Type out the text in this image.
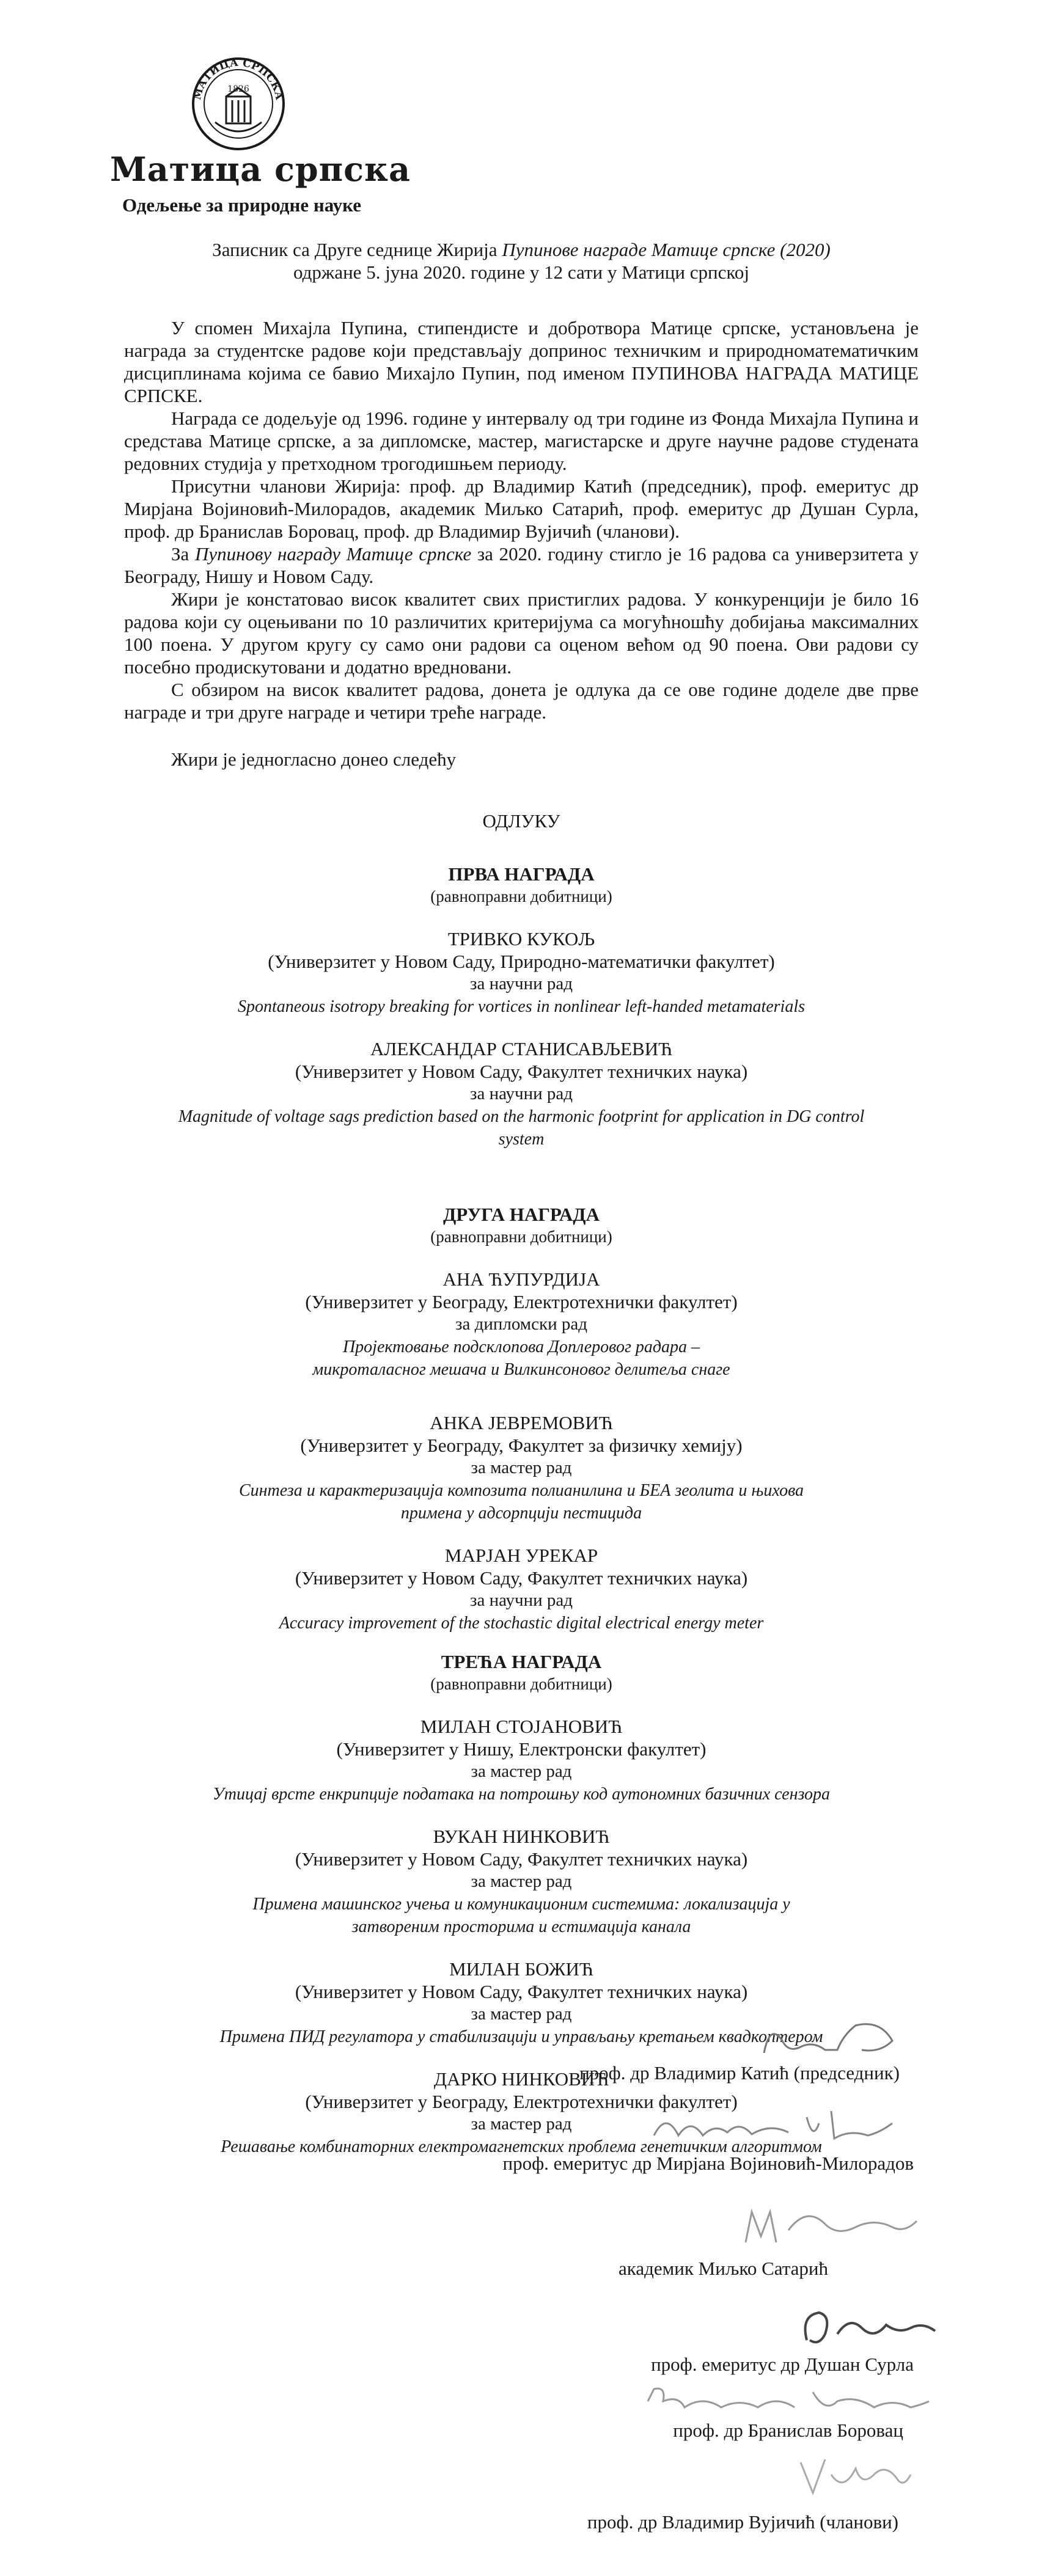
МАТИЦА СРПСКА
1826
Матица српска
Одељење за природне науке

Записник са Друге седнице Жирија Пупинове награде Матице српске (2020)

одржане 5. јуна 2020. године у 12 сати у Матици српској

У спомен Михајла Пупина, стипендисте и добротвора Матице српске, установљена је награда за студентске радове који представљају допринос техничким и природноматематичким дисциплинама којима се бавио Михајло Пупин, под именом ПУПИНОВА НАГРАДА МАТИЦЕ СРПСКЕ.

Награда се додељује од 1996. године у интервалу од три године из Фонда Михајла Пупина и средстава Матице српске, а за дипломске, мастер, магистарске и друге научне радове студената редовних студија у претходном трогодишњем периоду.

Присутни чланови Жирија: проф. др Владимир Катић (председник), проф. емеритус др Мирјана Војиновић-Милорадов, академик Миљко Сатарић, проф. емеритус др Душан Сурла, проф. др Бранислав Боровац, проф. др Владимир Вујичић (чланови).

За Пупинову награду Матице српске за 2020. годину стигло је 16 радова са универзитета у Београду, Нишу и Новом Саду.

Жири је констатовао висок квалитет свих пристиглих радова. У конкуренцији је било 16 радова који су оцењивани по 10 различитих критеријума са могућношћу добијања максималних 100 поена. У другом кругу су само они радови са оценом већом од 90 поена. Ови радови су посебно продискутовани и додатно вредновани.

С обзиром на висок квалитет радова, донета је одлука да се ове године доделе две прве награде и три друге награде и четири треће награде.

Жири је једногласно донео следећу

ОДЛУКУ
ПРВА НАГРАДА
(равноправни добитници)
ТРИВКО КУКОЉ
(Универзитет у Новом Саду, Природно-математички факултет)
за научни рад
Spontaneous isotropy breaking for vortices in nonlinear left-handed metamaterials
АЛЕКСАНДАР СТАНИСАВЉЕВИЋ
(Универзитет у Новом Саду, Факултет техничких наука)
за научни рад
Magnitude of voltage sags prediction based on the harmonic footprint for application in DG control system
ДРУГА НАГРАДА
(равноправни добитници)
АНА ЋУПУРДИЈА
(Универзитет у Београду, Електротехнички факултет)
за дипломски рад
Пројектовање подсклопова Доплеровог радара – микроталасног мешача и Вилкинсоновог делитеља снаге
АНКА ЈЕВРЕМОВИЋ
(Универзитет у Београду, Факултет за физичку хемију)
за мастер рад
Синтеза и карактеризација композита полианилина и БЕА зеолита и њихова примена у адсорпцији пестицида
МАРЈАН УРЕКАР
(Универзитет у Новом Саду, Факултет техничких наука)
за научни рад
Accuracy improvement of the stochastic digital electrical energy meter
ТРЕЋА НАГРАДА
(равноправни добитници)
МИЛАН СТОЈАНОВИЋ
(Универзитет у Нишу, Електронски факултет)
за мастер рад
Утицај врсте енкрипције података на потрошњу код аутономних базичних сензора
ВУКАН НИНКОВИЋ
(Универзитет у Новом Саду, Факултет техничких наука)
за мастер рад
Примена машинског учења и комуникационим системима: локализација у затвореним просторима и естимација канала
МИЛАН БОЖИЋ
(Универзитет у Новом Саду, Факултет техничких наука)
за мастер рад
Примена ПИД регулатора у стабилизацији и управљању кретањем квадкоптером
ДАРКО НИНКОВИЋ
(Универзитет у Београду, Електротехнички факултет)
за мастер рад
Решавање комбинаторних електромагнетских проблема генетичким алгоритмом
проф. др Владимир Катић (председник)
проф. емеритус др Мирјана Војиновић-Милорадов
академик Миљко Сатарић
проф. емеритус др Душан Сурла
проф. др Бранислав Боровац
проф. др Владимир Вујичић (чланови)
